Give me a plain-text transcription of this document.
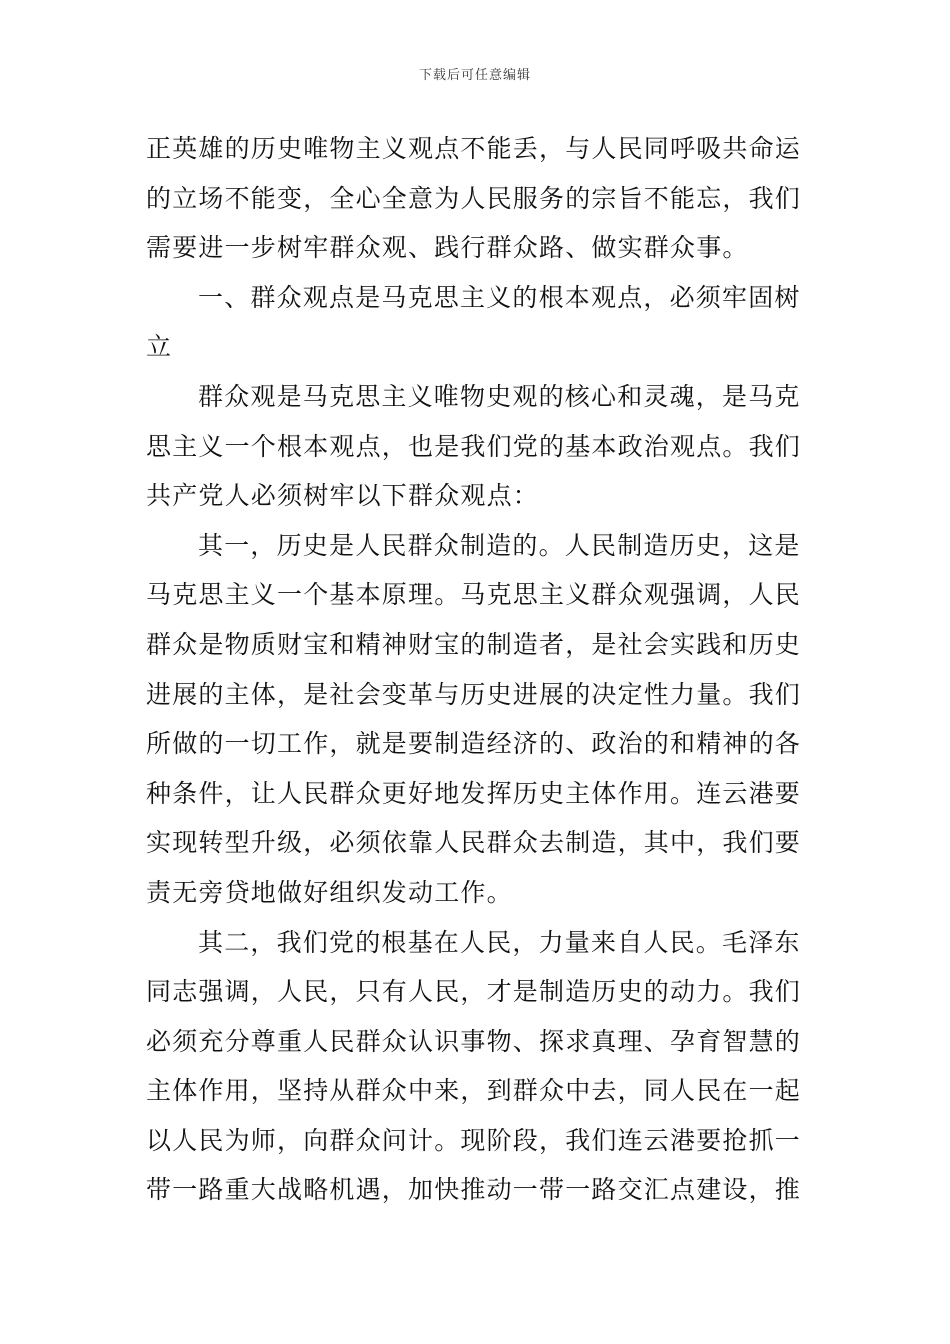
下载后可任意编辑
正英雄的历史唯物主义观点不能丢，与人民同呼吸共命运
的立场不能变，全心全意为人民服务的宗旨不能忘，我们
需要进一步树牢群众观、践行群众路、做实群众事。
一、群众观点是马克思主义的根本观点，必须牢固树
立
群众观是马克思主义唯物史观的核心和灵魂，是马克
思主义一个根本观点，也是我们党的基本政治观点。我们
共产党人必须树牢以下群众观点：
其一，历史是人民群众制造的。人民制造历史，这是
马克思主义一个基本原理。马克思主义群众观强调，人民
群众是物质财宝和精神财宝的制造者，是社会实践和历史
进展的主体，是社会变革与历史进展的决定性力量。我们
所做的一切工作，就是要制造经济的、政治的和精神的各
种条件，让人民群众更好地发挥历史主体作用。连云港要
实现转型升级，必须依靠人民群众去制造，其中，我们要
责无旁贷地做好组织发动工作。
其二，我们党的根基在人民，力量来自人民。毛泽东
同志强调，人民，只有人民，才是制造历史的动力。我们
必须充分尊重人民群众认识事物、探求真理、孕育智慧的
主体作用，坚持从群众中来，到群众中去，同人民在一起
以人民为师，向群众问计。现阶段，我们连云港要抢抓一
带一路重大战略机遇，加快推动一带一路交汇点建设，推
